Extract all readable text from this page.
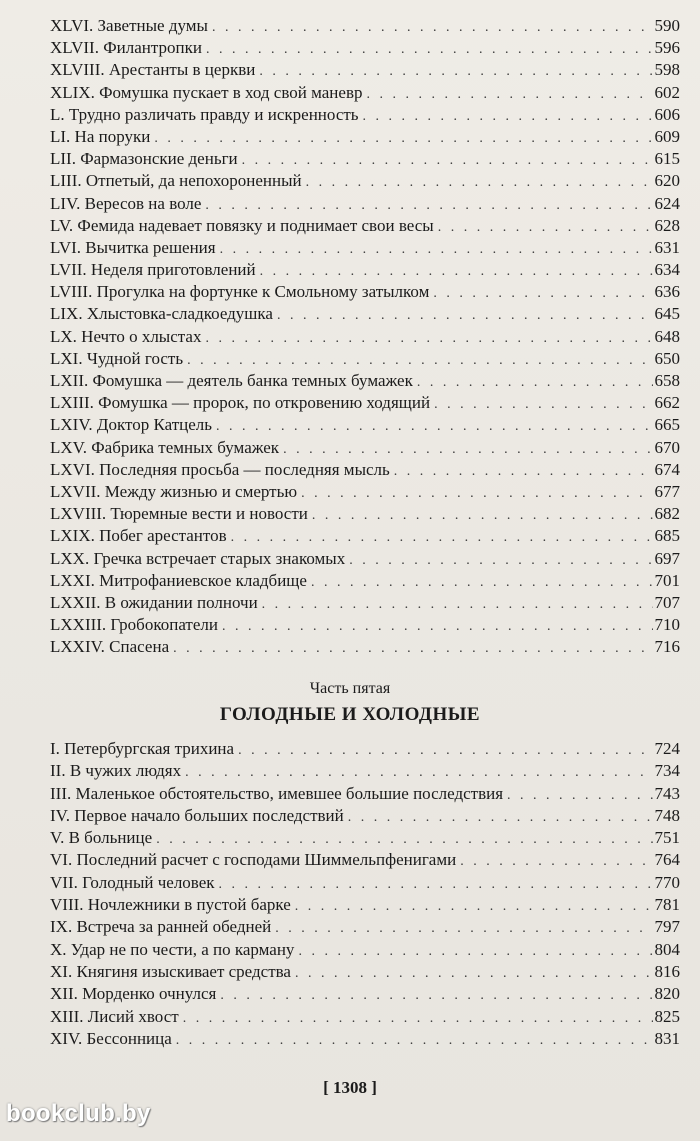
XLVI. Заветные думы . . .	590
XLVII. Филантропки . . .	596
XLVIII. Арестанты в церкви . . .	598
XLIX. Фомушка пускает в ход свой маневр . . .	602
L. Трудно различать правду и искренность . . .	606
LI. На поруки . . .	609
LII. Фармазонские деньги . . .	615
LIII. Отпетый, да непохороненный . . .	620
LIV. Вересов на воле . . .	624
LV. Фемида надевает повязку и поднимает свои весы . . .	628
LVI. Вычитка решения . . .	631
LVII. Неделя приготовлений . . .	634
LVIII. Прогулка на фортунке к Смольному затылком . . .	636
LIX. Хлыстовка-сладкоедушка . . .	645
LX. Нечто о хлыстах . . .	648
LXI. Чудной гость . . .	650
LXII. Фомушка — деятель банка темных бумажек . . .	658
LXIII. Фомушка — пророк, по откровению ходящий . . .	662
LXIV. Доктор Катцель . . .	665
LXV. Фабрика темных бумажек . . .	670
LXVI. Последняя просьба — последняя мысль . . .	674
LXVII. Между жизнью и смертью . . .	677
LXVIII. Тюремные вести и новости . . .	682
LXIX. Побег арестантов . . .	685
LXX. Гречка встречает старых знакомых . . .	697
LXXI. Митрофаниевское кладбище . . .	701
LXXII. В ожидании полночи . . .	707
LXXIII. Гробокопатели . . .	710
LXXIV. Спасена . . .	716
Часть пятая
ГОЛОДНЫЕ И ХОЛОДНЫЕ
I. Петербургская трихина . . .	724
II. В чужих людях . . .	734
III. Маленькое обстоятельство, имевшее большие последствия . . .	743
IV. Первое начало больших последствий . . .	748
V. В больнице . . .	751
VI. Последний расчет с господами Шиммельпфенигами . . .	764
VII. Голодный человек . . .	770
VIII. Ночлежники в пустой барке . . .	781
IX. Встреча за ранней обедней . . .	797
X. Удар не по чести, а по карману . . .	804
XI. Княгиня изыскивает средства . . .	816
XII. Морденко очнулся . . .	820
XIII. Лисий хвост . . .	825
XIV. Бессонница . . .	831
[ 1308 ]
bookclub.by
